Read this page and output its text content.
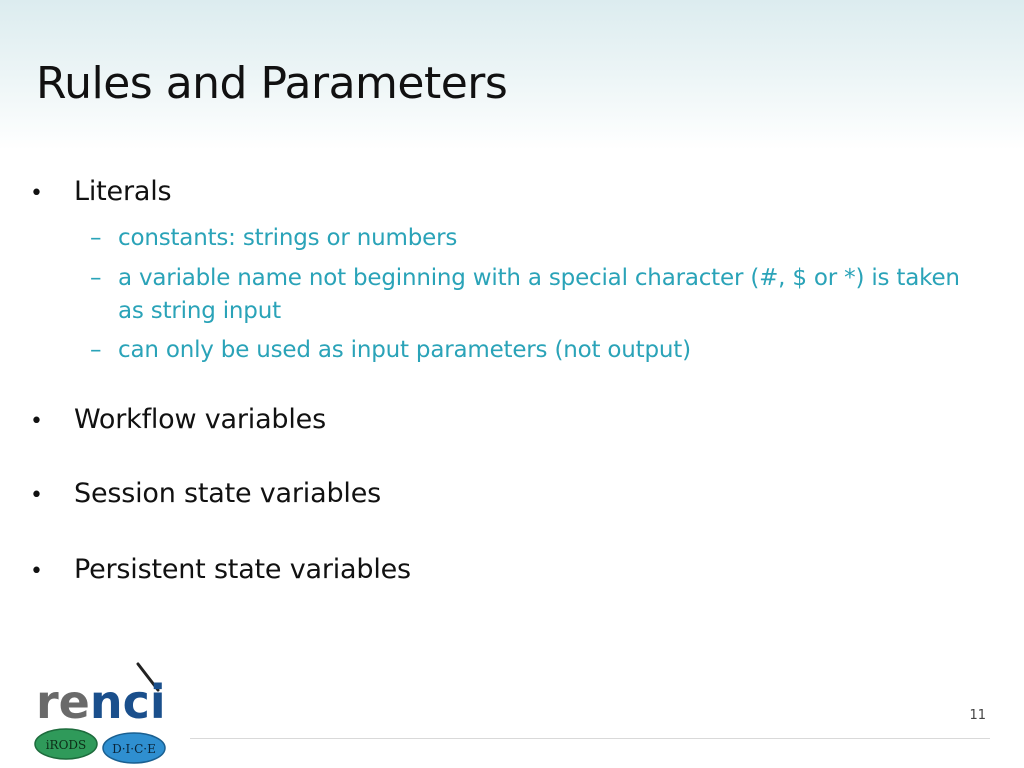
Rules and Parameters
•	Literals
– constants: strings or numbers
– a variable name not beginning with a special character (#, $ or *) is taken as string input
– can only be used as input parameters (not output)
•	Workflow variables
•	Session state variables
•	Persistent state variables
renci
iRODS D·I·C·E
11
